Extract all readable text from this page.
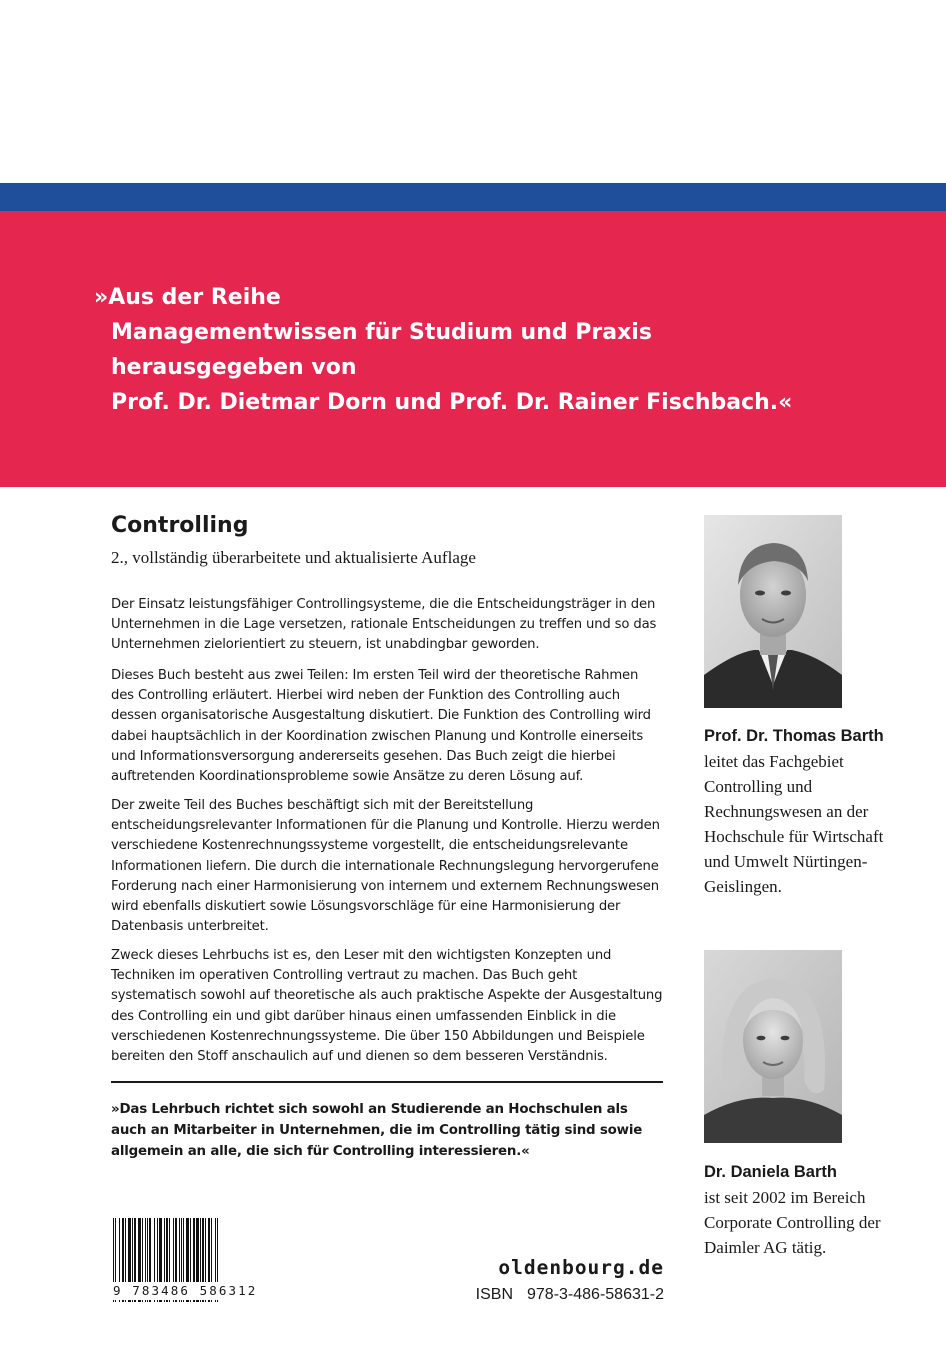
»Aus der Reihe
Managementwissen für Studium und Praxis
herausgegeben von
Prof. Dr. Dietmar Dorn und Prof. Dr. Rainer Fischbach.«
Controlling

2., vollständig überarbeitete und aktualisierte Auflage

Der Einsatz leistungsfähiger Controllingsysteme, die die Entscheidungsträger in den Unternehmen in die Lage versetzen, rationale Entscheidungen zu treffen und so das Unternehmen zielorientiert zu steuern, ist unabdingbar geworden.

Dieses Buch besteht aus zwei Teilen: Im ersten Teil wird der theoretische Rahmen des Controlling erläutert. Hierbei wird neben der Funktion des Controlling auch dessen organisatorische Ausgestaltung diskutiert. Die Funktion des Controlling wird dabei hauptsächlich in der Koordination zwischen Planung und Kontrolle einerseits und Informationsversorgung andererseits gesehen. Das Buch zeigt die hierbei auftretenden Koordinationsprobleme sowie Ansätze zu deren Lösung auf.

Der zweite Teil des Buches beschäftigt sich mit der Bereitstellung entscheidungsrelevanter Informationen für die Planung und Kontrolle. Hierzu werden verschiedene Kostenrechnungssysteme vorgestellt, die entscheidungsrelevante Informationen liefern. Die durch die internationale Rechnungslegung hervorgerufene Forderung nach einer Harmonisierung von internem und externem Rechnungswesen wird ebenfalls diskutiert sowie Lösungsvorschläge für eine Harmonisierung der Datenbasis unterbreitet.

Zweck dieses Lehrbuchs ist es, den Leser mit den wichtigsten Konzepten und Techniken im operativen Controlling vertraut zu machen. Das Buch geht systematisch sowohl auf theoretische als auch praktische Aspekte der Ausgestaltung des Controlling ein und gibt darüber hinaus einen umfassenden Einblick in die verschiedenen Kostenrechnungssysteme. Die über 150 Abbildungen und Beispiele bereiten den Stoff anschaulich auf und dienen so dem besseren Verständnis.

»Das Lehrbuch richtet sich sowohl an Studierende an Hochschulen als auch an Mitarbeiter in Unternehmen, die im Controlling tätig sind sowie allgemein an alle, die sich für Controlling interessieren.«

9 783486 586312
oldenbourg.de
ISBN 978-3-486-58631-2
Prof. Dr. Thomas Barth
leitet das Fachgebiet Controlling und Rechnungswesen an der Hochschule für Wirtschaft und Umwelt Nürtingen-Geislingen.
Dr. Daniela Barth
ist seit 2002 im Bereich Corporate Controlling der Daimler AG tätig.
